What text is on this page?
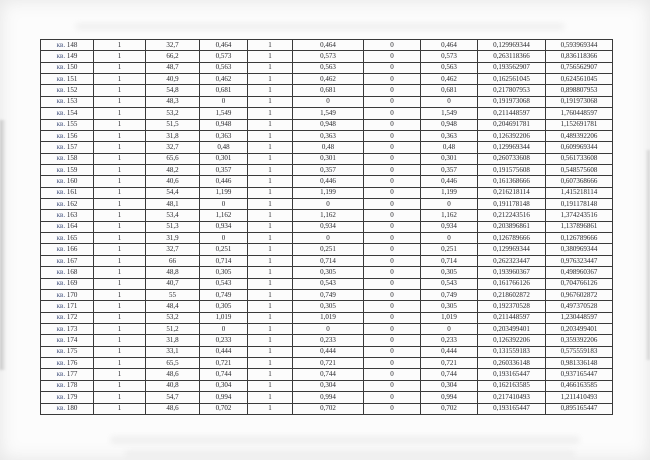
кв. 148	1	32,7	0,464	1	0,464	0	0,464	0,129969344	0,593969344
кв. 149	1	66,2	0,573	1	0,573	0	0,573	0,263118366	0,836118366
кв. 150	1	48,7	0,563	1	0,563	0	0,563	0,193562907	0,756562907
кв. 151	1	40,9	0,462	1	0,462	0	0,462	0,162561045	0,624561045
кв. 152	1	54,8	0,681	1	0,681	0	0,681	0,217807953	0,898807953
кв. 153	1	48,3	0	1	0	0	0	0,191973068	0,191973068
кв. 154	1	53,2	1,549	1	1,549	0	1,549	0,211448597	1,760448597
кв. 155	1	51,5	0,948	1	0,948	0	0,948	0,204691781	1,152691781
кв. 156	1	31,8	0,363	1	0,363	0	0,363	0,126392206	0,489392206
кв. 157	1	32,7	0,48	1	0,48	0	0,48	0,129969344	0,609969344
кв. 158	1	65,6	0,301	1	0,301	0	0,301	0,260733608	0,561733608
кв. 159	1	48,2	0,357	1	0,357	0	0,357	0,191575608	0,548575608
кв. 160	1	40,6	0,446	1	0,446	0	0,446	0,161368666	0,607368666
кв. 161	1	54,4	1,199	1	1,199	0	1,199	0,216218114	1,415218114
кв. 162	1	48,1	0	1	0	0	0	0,191178148	0,191178148
кв. 163	1	53,4	1,162	1	1,162	0	1,162	0,212243516	1,374243516
кв. 164	1	51,3	0,934	1	0,934	0	0,934	0,203896861	1,137896861
кв. 165	1	31,9	0	1	0	0	0	0,126789666	0,126789666
кв. 166	1	32,7	0,251	1	0,251	0	0,251	0,129969344	0,380969344
кв. 167	1	66	0,714	1	0,714	0	0,714	0,262323447	0,976323447
кв. 168	1	48,8	0,305	1	0,305	0	0,305	0,193960367	0,498960367
кв. 169	1	40,7	0,543	1	0,543	0	0,543	0,161766126	0,704766126
кв. 170	1	55	0,749	1	0,749	0	0,749	0,218602872	0,967602872
кв. 171	1	48,4	0,305	1	0,305	0	0,305	0,192370528	0,497370528
кв. 172	1	53,2	1,019	1	1,019	0	1,019	0,211448597	1,230448597
кв. 173	1	51,2	0	1	0	0	0	0,203499401	0,203499401
кв. 174	1	31,8	0,233	1	0,233	0	0,233	0,126392206	0,359392206
кв. 175	1	33,1	0,444	1	0,444	0	0,444	0,131559183	0,575559183
кв. 176	1	65,5	0,721	1	0,721	0	0,721	0,260336148	0,981336148
кв. 177	1	48,6	0,744	1	0,744	0	0,744	0,193165447	0,937165447
кв. 178	1	40,8	0,304	1	0,304	0	0,304	0,162163585	0,466163585
кв. 179	1	54,7	0,994	1	0,994	0	0,994	0,217410493	1,211410493
кв. 180	1	48,6	0,702	1	0,702	0	0,702	0,193165447	0,895165447
